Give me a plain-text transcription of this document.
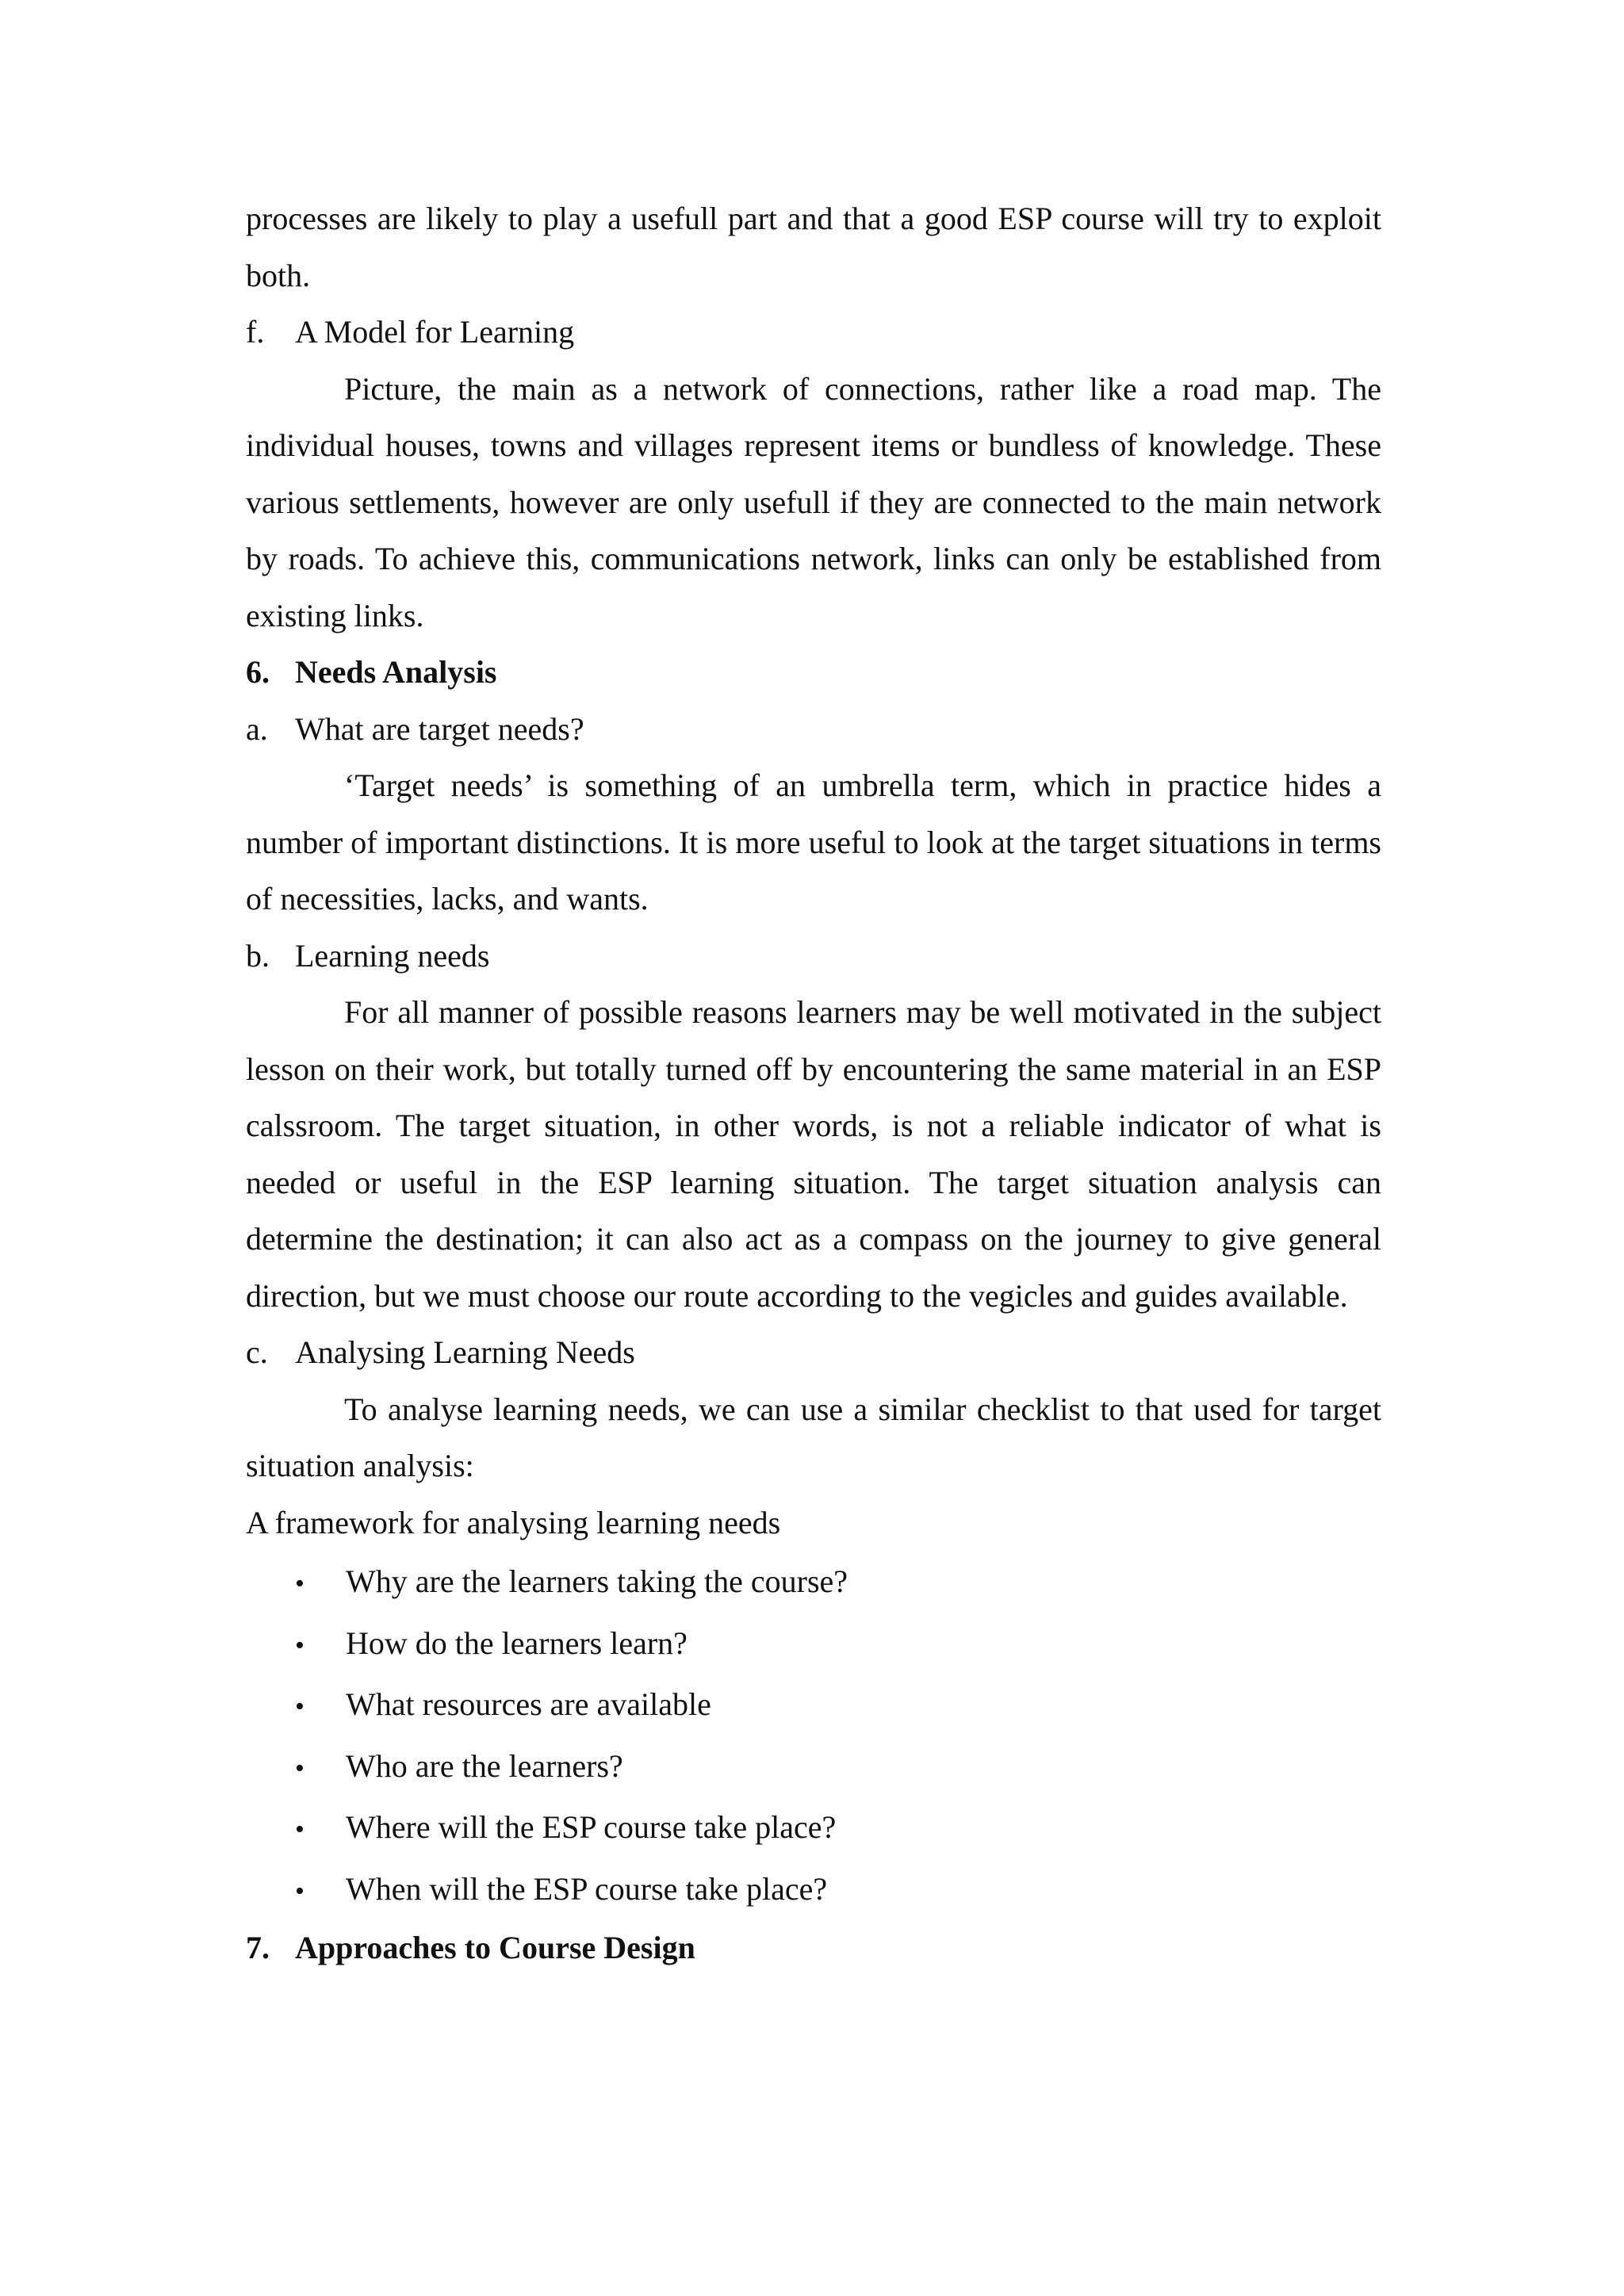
processes are likely to play a usefull part and that a good ESP course will try to exploit both.

f. A Model for Learning

Picture, the main as a network of connections, rather like a road map. The individual houses, towns and villages represent items or bundless of knowledge. These various settlements, however are only usefull if they are connected to the main network by roads. To achieve this, communications network, links can only be established from existing links.

6. Needs Analysis
a. What are target needs?

‘Target needs’ is something of an umbrella term, which in practice hides a number of important distinctions. It is more useful to look at the target situations in terms of necessities, lacks, and wants.

b. Learning needs

For all manner of possible reasons learners may be well motivated in the subject lesson on their work, but totally turned off by encountering the same material in an ESP calssroom. The target situation, in other words, is not a reliable indicator of what is needed or useful in the ESP learning situation. The target situation analysis can determine the destination; it can also act as a compass on the journey to give general direction, but we must choose our route according to the vegicles and guides available.

c. Analysing Learning Needs

To analyse learning needs, we can use a similar checklist to that used for target situation analysis:

A framework for analysing learning needs

•	Why are the learners taking the course?
•	How do the learners learn?
•	What resources are available
•	Who are the learners?
•	Where will the ESP course take place?
•	When will the ESP course take place?
7. Approaches to Course Design
